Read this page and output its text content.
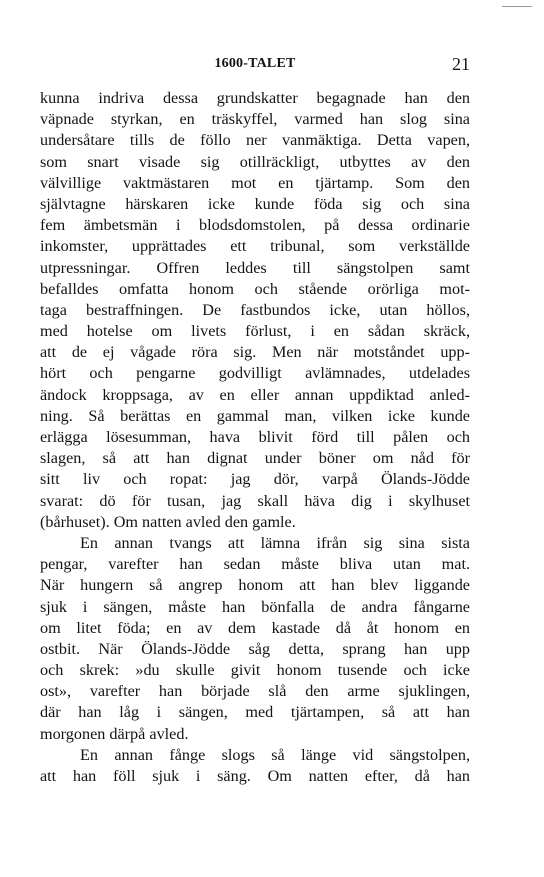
1600-TALET	21
kunna indriva dessa grundskatter begagnade han den
väpnade styrkan, en träskyffel, varmed han slog sina
undersåtare tills de föllo ner vanmäktiga. Detta vapen,
som snart visade sig otillräckligt, utbyttes av den
välvillige vaktmästaren mot en tjärtamp. Som den
självtagne härskaren icke kunde föda sig och sina
fem ämbetsmän i blodsdomstolen, på dessa ordinarie
inkomster, upprättades ett tribunal, som verkställde
utpressningar. Offren leddes till sängstolpen samt
befalldes omfatta honom och stående orörliga mot-
taga bestraffningen. De fastbundos icke, utan höllos,
med hotelse om livets förlust, i en sådan skräck,
att de ej vågade röra sig. Men när motståndet upp-
hört och pengarne godvilligt avlämnades, utdelades
ändock kroppsaga, av en eller annan uppdiktad anled-
ning. Så berättas en gammal man, vilken icke kunde
erlägga lösesumman, hava blivit förd till pålen och
slagen, så att han dignat under böner om nåd för
sitt liv och ropat: jag dör, varpå Ölands-Jödde
svarat: dö för tusan, jag skall häva dig i skylhuset
(bårhuset). Om natten avled den gamle.
En annan tvangs att lämna ifrån sig sina sista
pengar, varefter han sedan måste bliva utan mat.
När hungern så angrep honom att han blev liggande
sjuk i sängen, måste han bönfalla de andra fångarne
om litet föda; en av dem kastade då åt honom en
ostbit. När Ölands-Jödde såg detta, sprang han upp
och skrek: »du skulle givit honom tusende och icke
ost», varefter han började slå den arme sjuklingen,
där han låg i sängen, med tjärtampen, så att han
morgonen därpå avled.
En annan fånge slogs så länge vid sängstolpen,
att han föll sjuk i säng. Om natten efter, då han
